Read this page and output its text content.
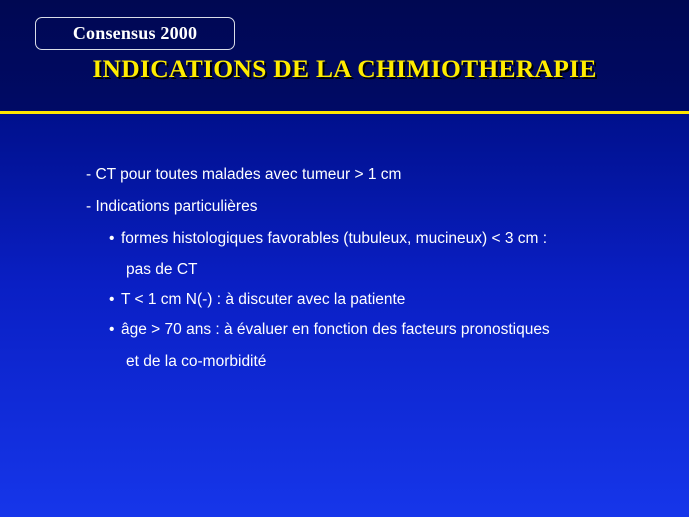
Consensus 2000
INDICATIONS DE LA CHIMIOTHERAPIE
- CT pour toutes malades avec tumeur > 1 cm
- Indications particulières
• formes histologiques favorables (tubuleux, mucineux) < 3 cm :
pas de CT
• T < 1 cm N(-) : à discuter avec la patiente
• âge > 70 ans : à évaluer en fonction des facteurs pronostiques
et de la co-morbidité
